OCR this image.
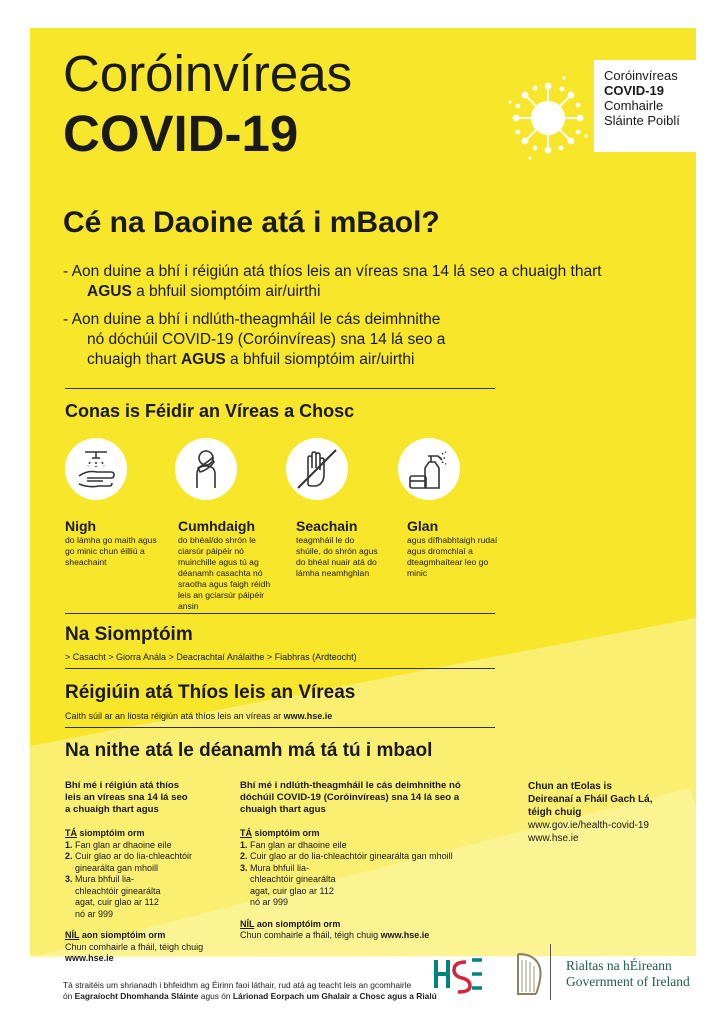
Coróinvíreas
COVID-19
Coróinvíreas
COVID-19
Comhairle
Sláinte Poiblí
Cé na Daoine atá i mBaol?
- Aon duine a bhí i réigiún atá thíos leis an víreas sna 14 lá seo a chuaigh thart
AGUS a bhfuil siomptóim air/uirthi
- Aon duine a bhí i ndlúth-theagmháil le cás deimhnithe
nó dóchúil COVID-19 (Coróinvíreas) sna 14 lá seo a
chuaigh thart AGUS a bhfuil siomptóim air/uirthi
Conas is Féidir an Víreas a Chosc
Nigh
do lámha go maith agus go minic chun éilliú a sheachaint
Cumhdaigh
do bhéal/do shrón le ciarsúr páipéir nó muinchille agus tú ag déanamh casachta nó sraotha agus faigh réidh leis an gciarsúr páipéir ansin
Seachain
teagmháil le do shúile, do shrón agus do bhéal nuair atá do lámha neamhghlan
Glan
agus dífhabhtaigh rudaí agus dromchlaí a dteagmhaítear leo go minic
Na Siomptóim
> Casacht > Giorra Anála > Deacrachtaí Análaithe > Fiabhras (Ardteocht)
Réigiúin atá Thíos leis an Víreas
Caith súil ar an liosta réigiún atá thíos leis an víreas ar www.hse.ie
Na nithe atá le déanamh má tá tú i mbaol
Bhí mé i réigiún atá thíos
leis an víreas sna 14 lá seo
a chuaigh thart agus
TÁ siomptóim orm
1. Fan glan ar dhaoine eile
2. Cuir glao ar do lia-chleachtóir
ginearálta gan mhoill
3. Mura bhfuil lia-
chleachtóir ginearálta
agat, cuir glao ar 112
nó ar 999
NÍL aon siomptóim orm
Chun comhairle a fháil, téigh chuig
www.hse.ie
Bhí mé i ndlúth-theagmháil le cás deimhnithe nó
dóchúil COVID-19 (Coróinvíreas) sna 14 lá seo a
chuaigh thart agus
TÁ siomptóim orm
1. Fan glan ar dhaoine eile
2. Cuir glao ar do lia-chleachtóir ginearálta gan mhoill
3. Mura bhfuil lia-
chleachtóir ginearálta
agat, cuir glao ar 112
nó ar 999
NÍL aon siomptóim orm
Chun comhairle a fháil, téigh chuig www.hse.ie
Chun an tEolas is
Deireanaí a Fháil Gach Lá,
téigh chuig
www.gov.ie/health-covid-19
www.hse.ie
Tá straitéis um shrianadh i bhfeidhm ag Éirinn faoi láthair, rud atá ag teacht leis an gcomhairle
ón Eagraíocht Dhomhanda Sláinte agus ón Lárionad Eorpach um Ghalair a Chosc agus a Rialú
Rialtas na hÉireann
Government of Ireland
